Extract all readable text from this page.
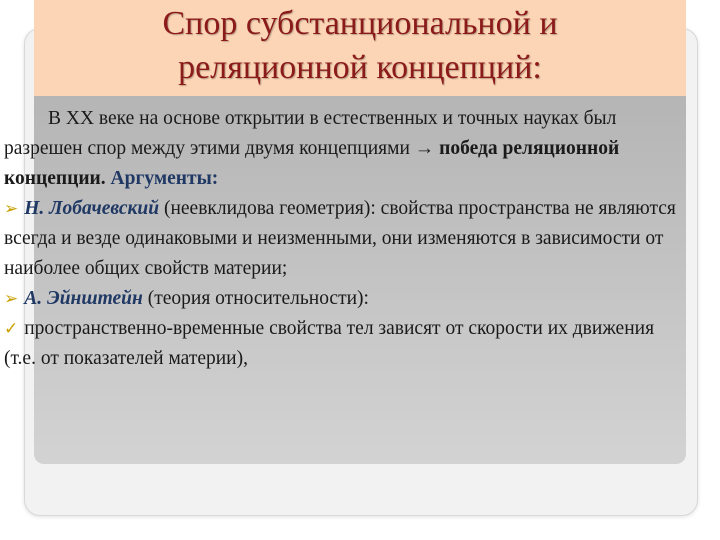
Спор субстанциональной и
реляционной концепций:

В XX веке на основе открытии в естественных и точных науках был разрешен спор между этими двумя концепциями → победа реляционной концепции. Аргументы:

➢ Н. Лобачевский (неевклидова геометрия): свойства пространства не являются всегда и везде одинаковыми и неизменными, они изменяются в зависимости от наиболее общих свойств материи;

➢ А. Эйнштейн (теория относительности):

✓ пространственно-временные свойства тел зависят от скорости их движения (т.е. от показателей материи),
